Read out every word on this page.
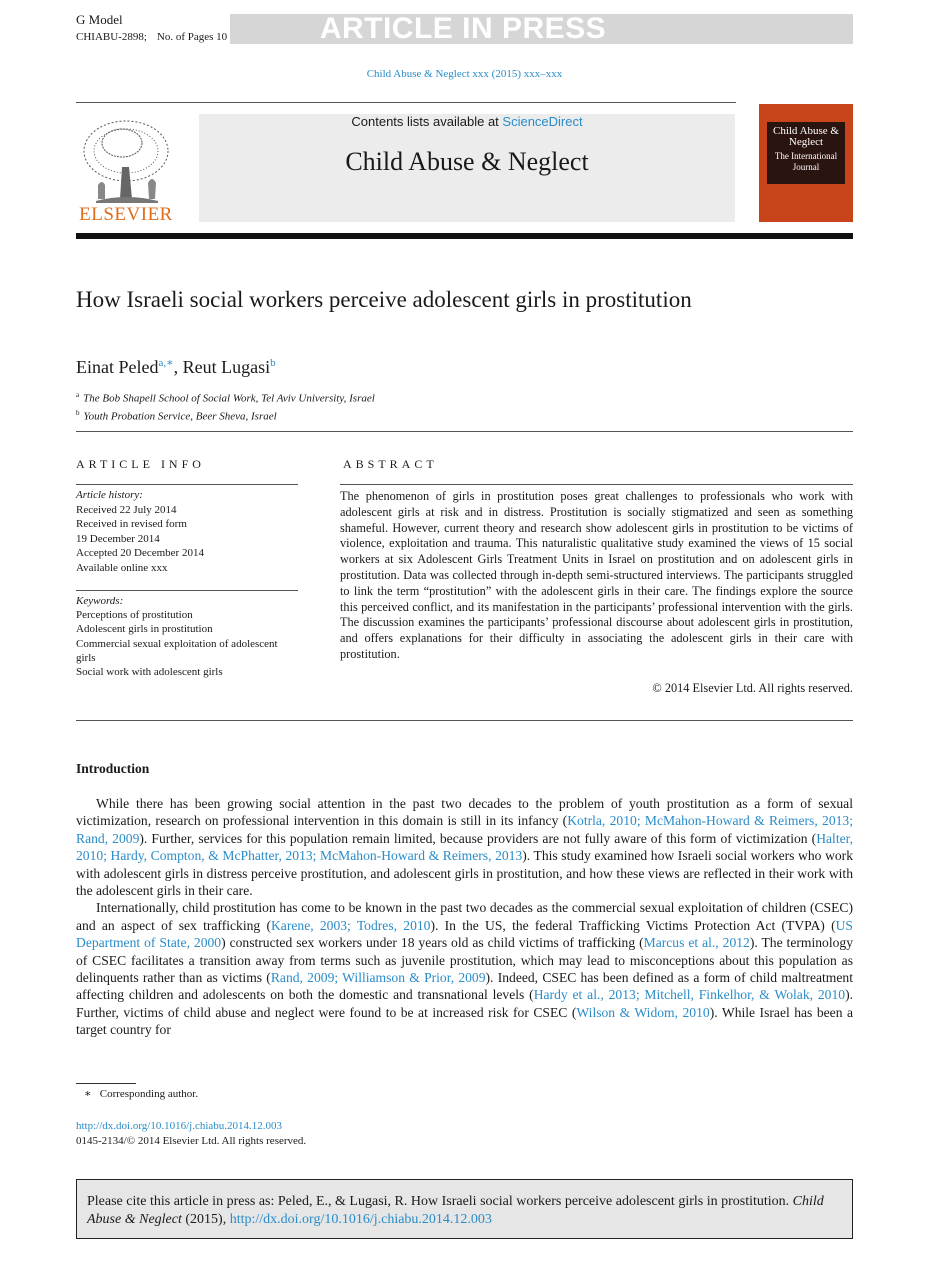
G Model
CHIABU-2898; No. of Pages 10	ARTICLE IN PRESS
Child Abuse & Neglect xxx (2015) xxx–xxx
ELSEVIER
Contents lists available at ScienceDirect
Child Abuse & Neglect
Child Abuse & Neglect
The International Journal
How Israeli social workers perceive adolescent girls in prostitution
Einat Peled$^{a,∗}$, Reut Lugasi$^b$
$^a$ The Bob Shapell School of Social Work, Tel Aviv University, Israel
$^b$ Youth Probation Service, Beer Sheva, Israel
ARTICLE INFO
Article history:
Received 22 July 2014
Received in revised form
19 December 2014
Accepted 20 December 2014
Available online xxx
Keywords:
Perceptions of prostitution
Adolescent girls in prostitution
Commercial sexual exploitation of adolescent girls
Social work with adolescent girls
ABSTRACT
The phenomenon of girls in prostitution poses great challenges to professionals who work with adolescent girls at risk and in distress. Prostitution is socially stigmatized and seen as something shameful. However, current theory and research show adolescent girls in prostitution to be victims of violence, exploitation and trauma. This naturalistic qualitative study examined the views of 15 social workers at six Adolescent Girls Treatment Units in Israel on prostitution and on adolescent girls in prostitution. Data was collected through in-depth semi-structured interviews. The participants struggled to link the term “prostitution” with the adolescent girls in their care. The findings explore the source this perceived conflict, and its manifestation in the participants’ professional intervention with the girls. The discussion examines the participants’ professional discourse about adolescent girls in prostitution, and offers explanations for their difficulty in associating the adolescent girls in their care with prostitution.
© 2014 Elsevier Ltd. All rights reserved.
Introduction

While there has been growing social attention in the past two decades to the problem of youth prostitution as a form of sexual victimization, research on professional intervention in this domain is still in its infancy (Kotrla, 2010; McMahon-Howard & Reimers, 2013; Rand, 2009). Further, services for this population remain limited, because providers are not fully aware of this form of victimization (Halter, 2010; Hardy, Compton, & McPhatter, 2013; McMahon-Howard & Reimers, 2013). This study examined how Israeli social workers who work with adolescent girls in distress perceive prostitution, and adolescent girls in prostitution, and how these views are reflected in their work with the adolescent girls in their care.

Internationally, child prostitution has come to be known in the past two decades as the commercial sexual exploitation of children (CSEC) and an aspect of sex trafficking (Karene, 2003; Todres, 2010). In the US, the federal Trafficking Victims Protection Act (TVPA) (US Department of State, 2000) constructed sex workers under 18 years old as child victims of trafficking (Marcus et al., 2012). The terminology of CSEC facilitates a transition away from terms such as juvenile prostitution, which may lead to misconceptions about this population as delinquents rather than as victims (Rand, 2009; Williamson & Prior, 2009). Indeed, CSEC has been defined as a form of child maltreatment affecting children and adolescents on both the domestic and transnational levels (Hardy et al., 2013; Mitchell, Finkelhor, & Wolak, 2010). Further, victims of child abuse and neglect were found to be at increased risk for CSEC (Wilson & Widom, 2010). While Israel has been a target country for

∗ Corresponding author.
http://dx.doi.org/10.1016/j.chiabu.2014.12.003
0145-2134/© 2014 Elsevier Ltd. All rights reserved.
Please cite this article in press as: Peled, E., & Lugasi, R. How Israeli social workers perceive adolescent girls in prostitution. Child Abuse & Neglect (2015), http://dx.doi.org/10.1016/j.chiabu.2014.12.003
